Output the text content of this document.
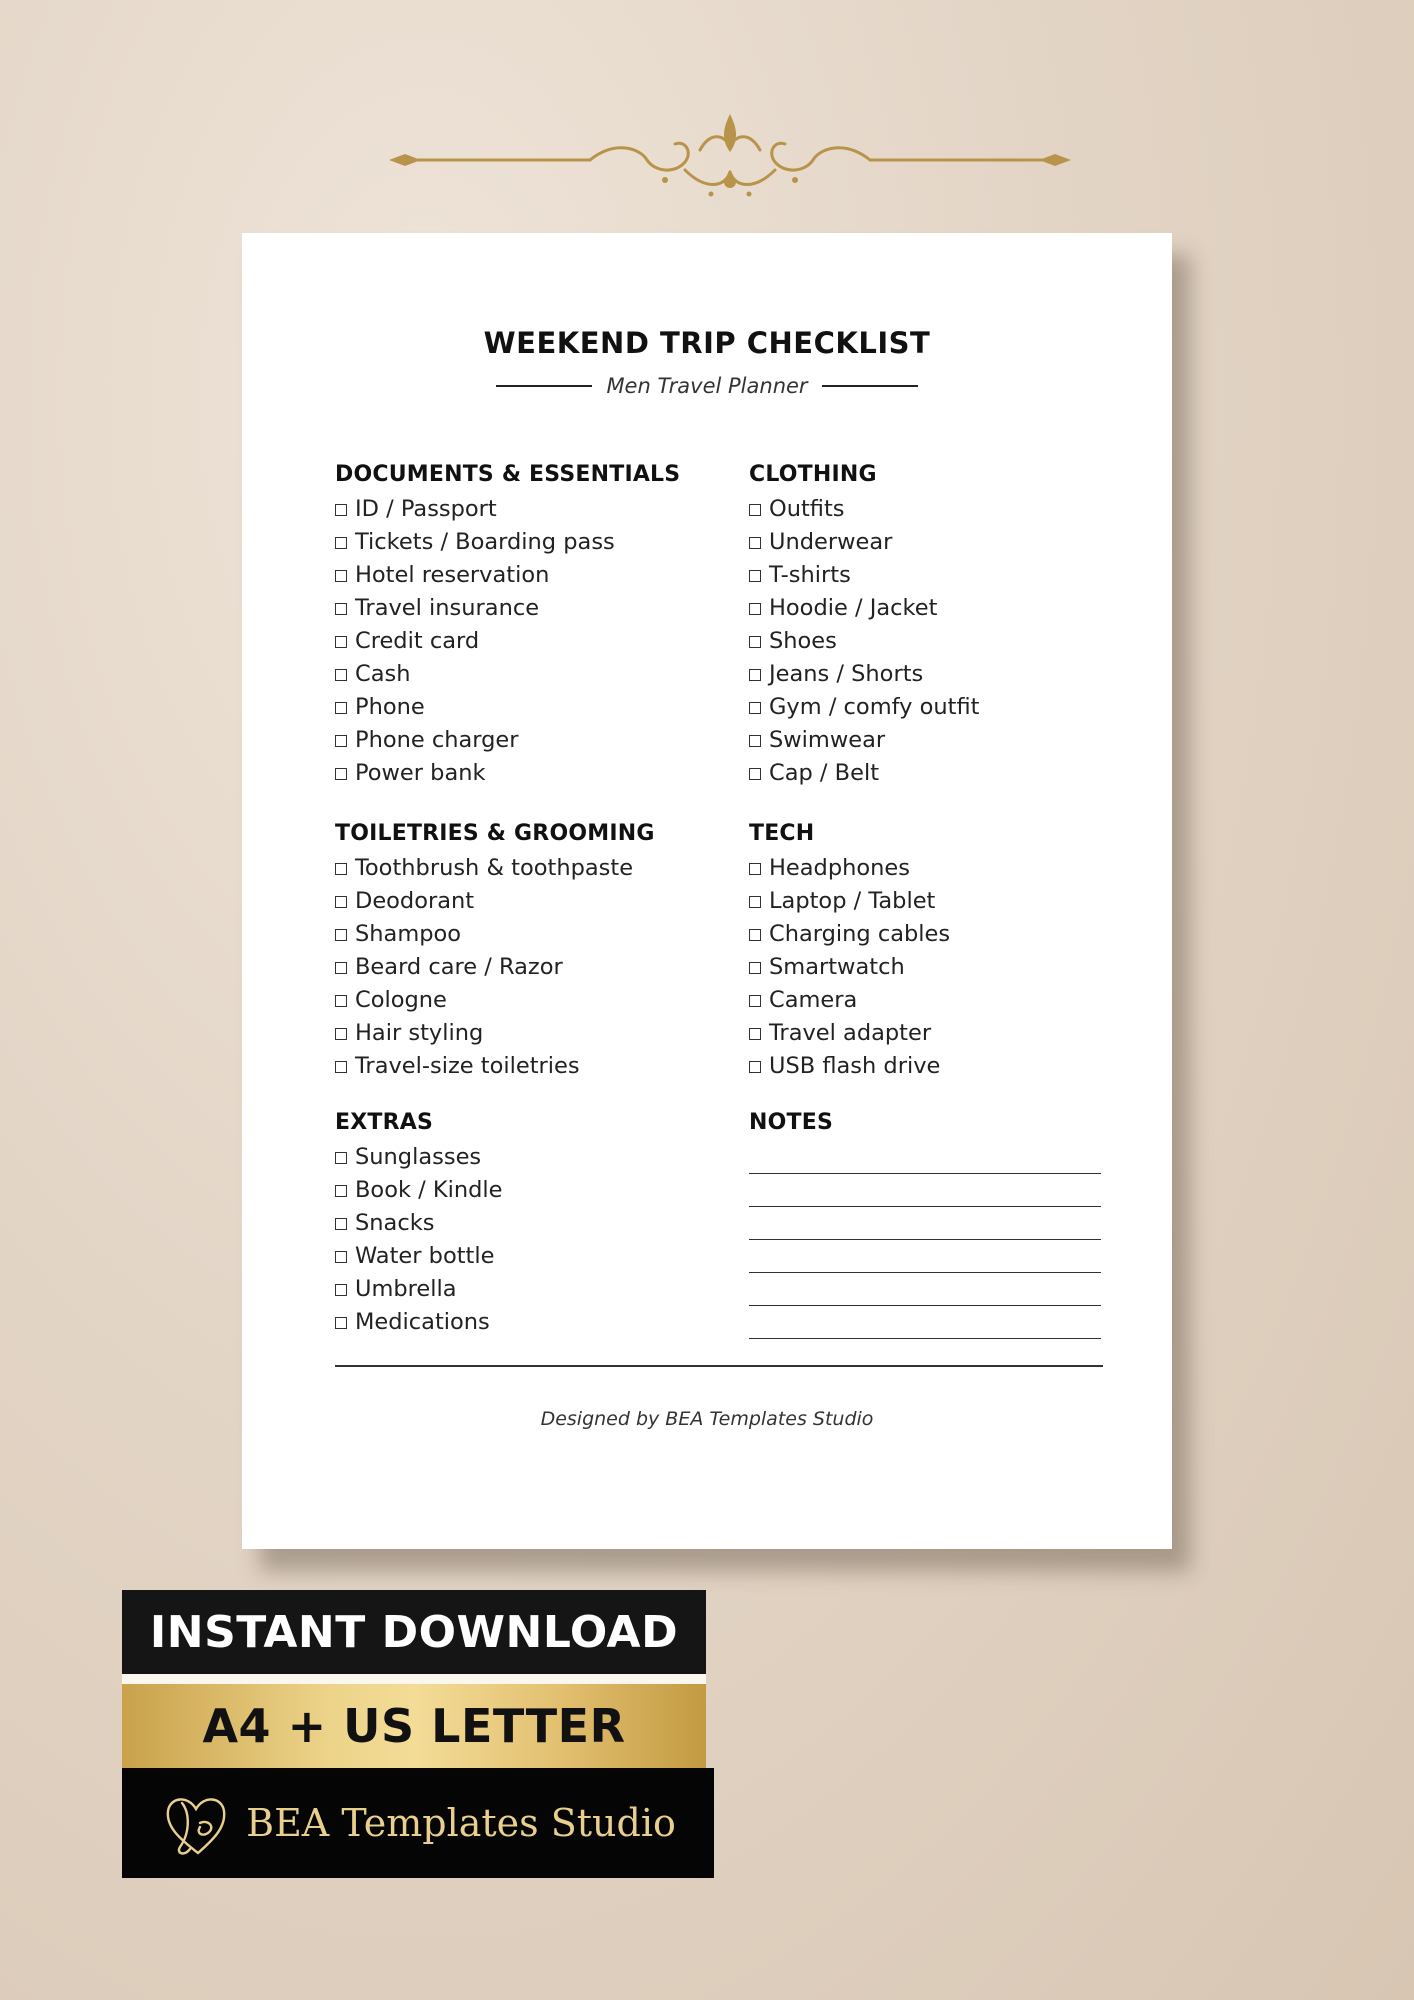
WEEKEND TRIP CHECKLIST
Men Travel Planner
DOCUMENTS & ESSENTIALS
ID / Passport
Tickets / Boarding pass
Hotel reservation
Travel insurance
Credit card
Cash
Phone
Phone charger
Power bank
CLOTHING
Outfits
Underwear
T-shirts
Hoodie / Jacket
Shoes
Jeans / Shorts
Gym / comfy outfit
Swimwear
Cap / Belt
TOILETRIES & GROOMING
Toothbrush & toothpaste
Deodorant
Shampoo
Beard care / Razor
Cologne
Hair styling
Travel-size toiletries
TECH
Headphones
Laptop / Tablet
Charging cables
Smartwatch
Camera
Travel adapter
USB flash drive
EXTRAS
Sunglasses
Book / Kindle
Snacks
Water bottle
Umbrella
Medications
NOTES
Designed by BEA Templates Studio
INSTANT DOWNLOAD
A4 + US LETTER
BEA Templates Studio
